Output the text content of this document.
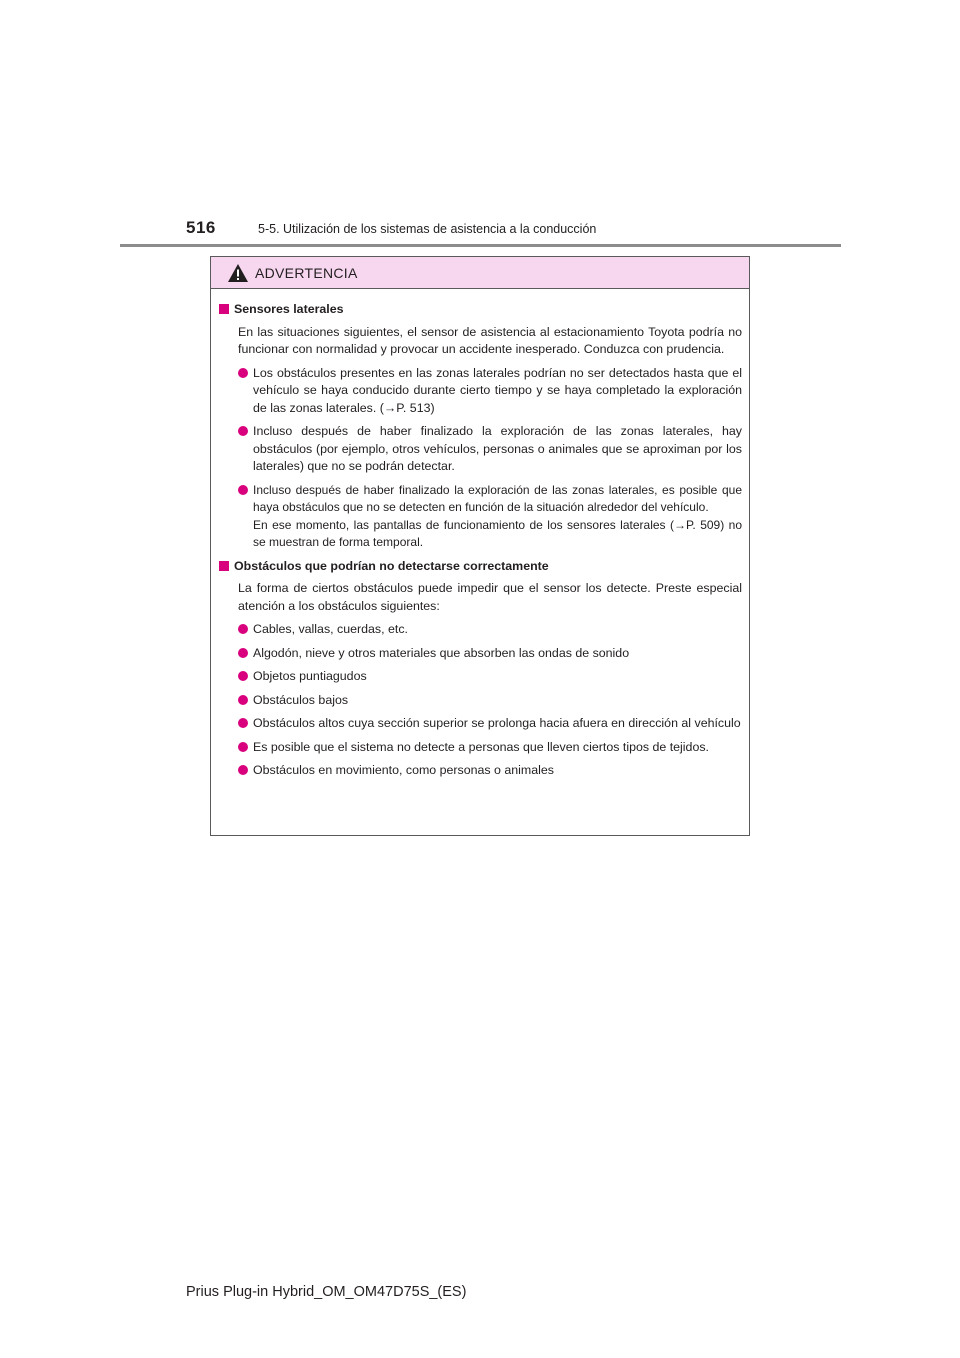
516	5-5. Utilización de los sistemas de asistencia a la conducción
ADVERTENCIA
Sensores laterales
En las situaciones siguientes, el sensor de asistencia al estacionamiento Toyota podría no funcionar con normalidad y provocar un accidente inesperado. Conduzca con prudencia.
Los obstáculos presentes en las zonas laterales podrían no ser detectados hasta que el vehículo se haya conducido durante cierto tiempo y se haya completado la exploración de las zonas laterales. (→P. 513)
Incluso después de haber finalizado la exploración de las zonas laterales, hay obstáculos (por ejemplo, otros vehículos, personas o animales que se aproximan por los laterales) que no se podrán detectar.
Incluso después de haber finalizado la exploración de las zonas laterales, es posible que haya obstáculos que no se detecten en función de la situación alrededor del vehículo.
En ese momento, las pantallas de funcionamiento de los sensores laterales (→P. 509) no se muestran de forma temporal.
Obstáculos que podrían no detectarse correctamente
La forma de ciertos obstáculos puede impedir que el sensor los detecte. Preste especial atención a los obstáculos siguientes:
Cables, vallas, cuerdas, etc.
Algodón, nieve y otros materiales que absorben las ondas de sonido
Objetos puntiagudos
Obstáculos bajos
Obstáculos altos cuya sección superior se prolonga hacia afuera en dirección al vehículo
Es posible que el sistema no detecte a personas que lleven ciertos tipos de tejidos.
Obstáculos en movimiento, como personas o animales
Prius Plug-in Hybrid_OM_OM47D75S_(ES)
